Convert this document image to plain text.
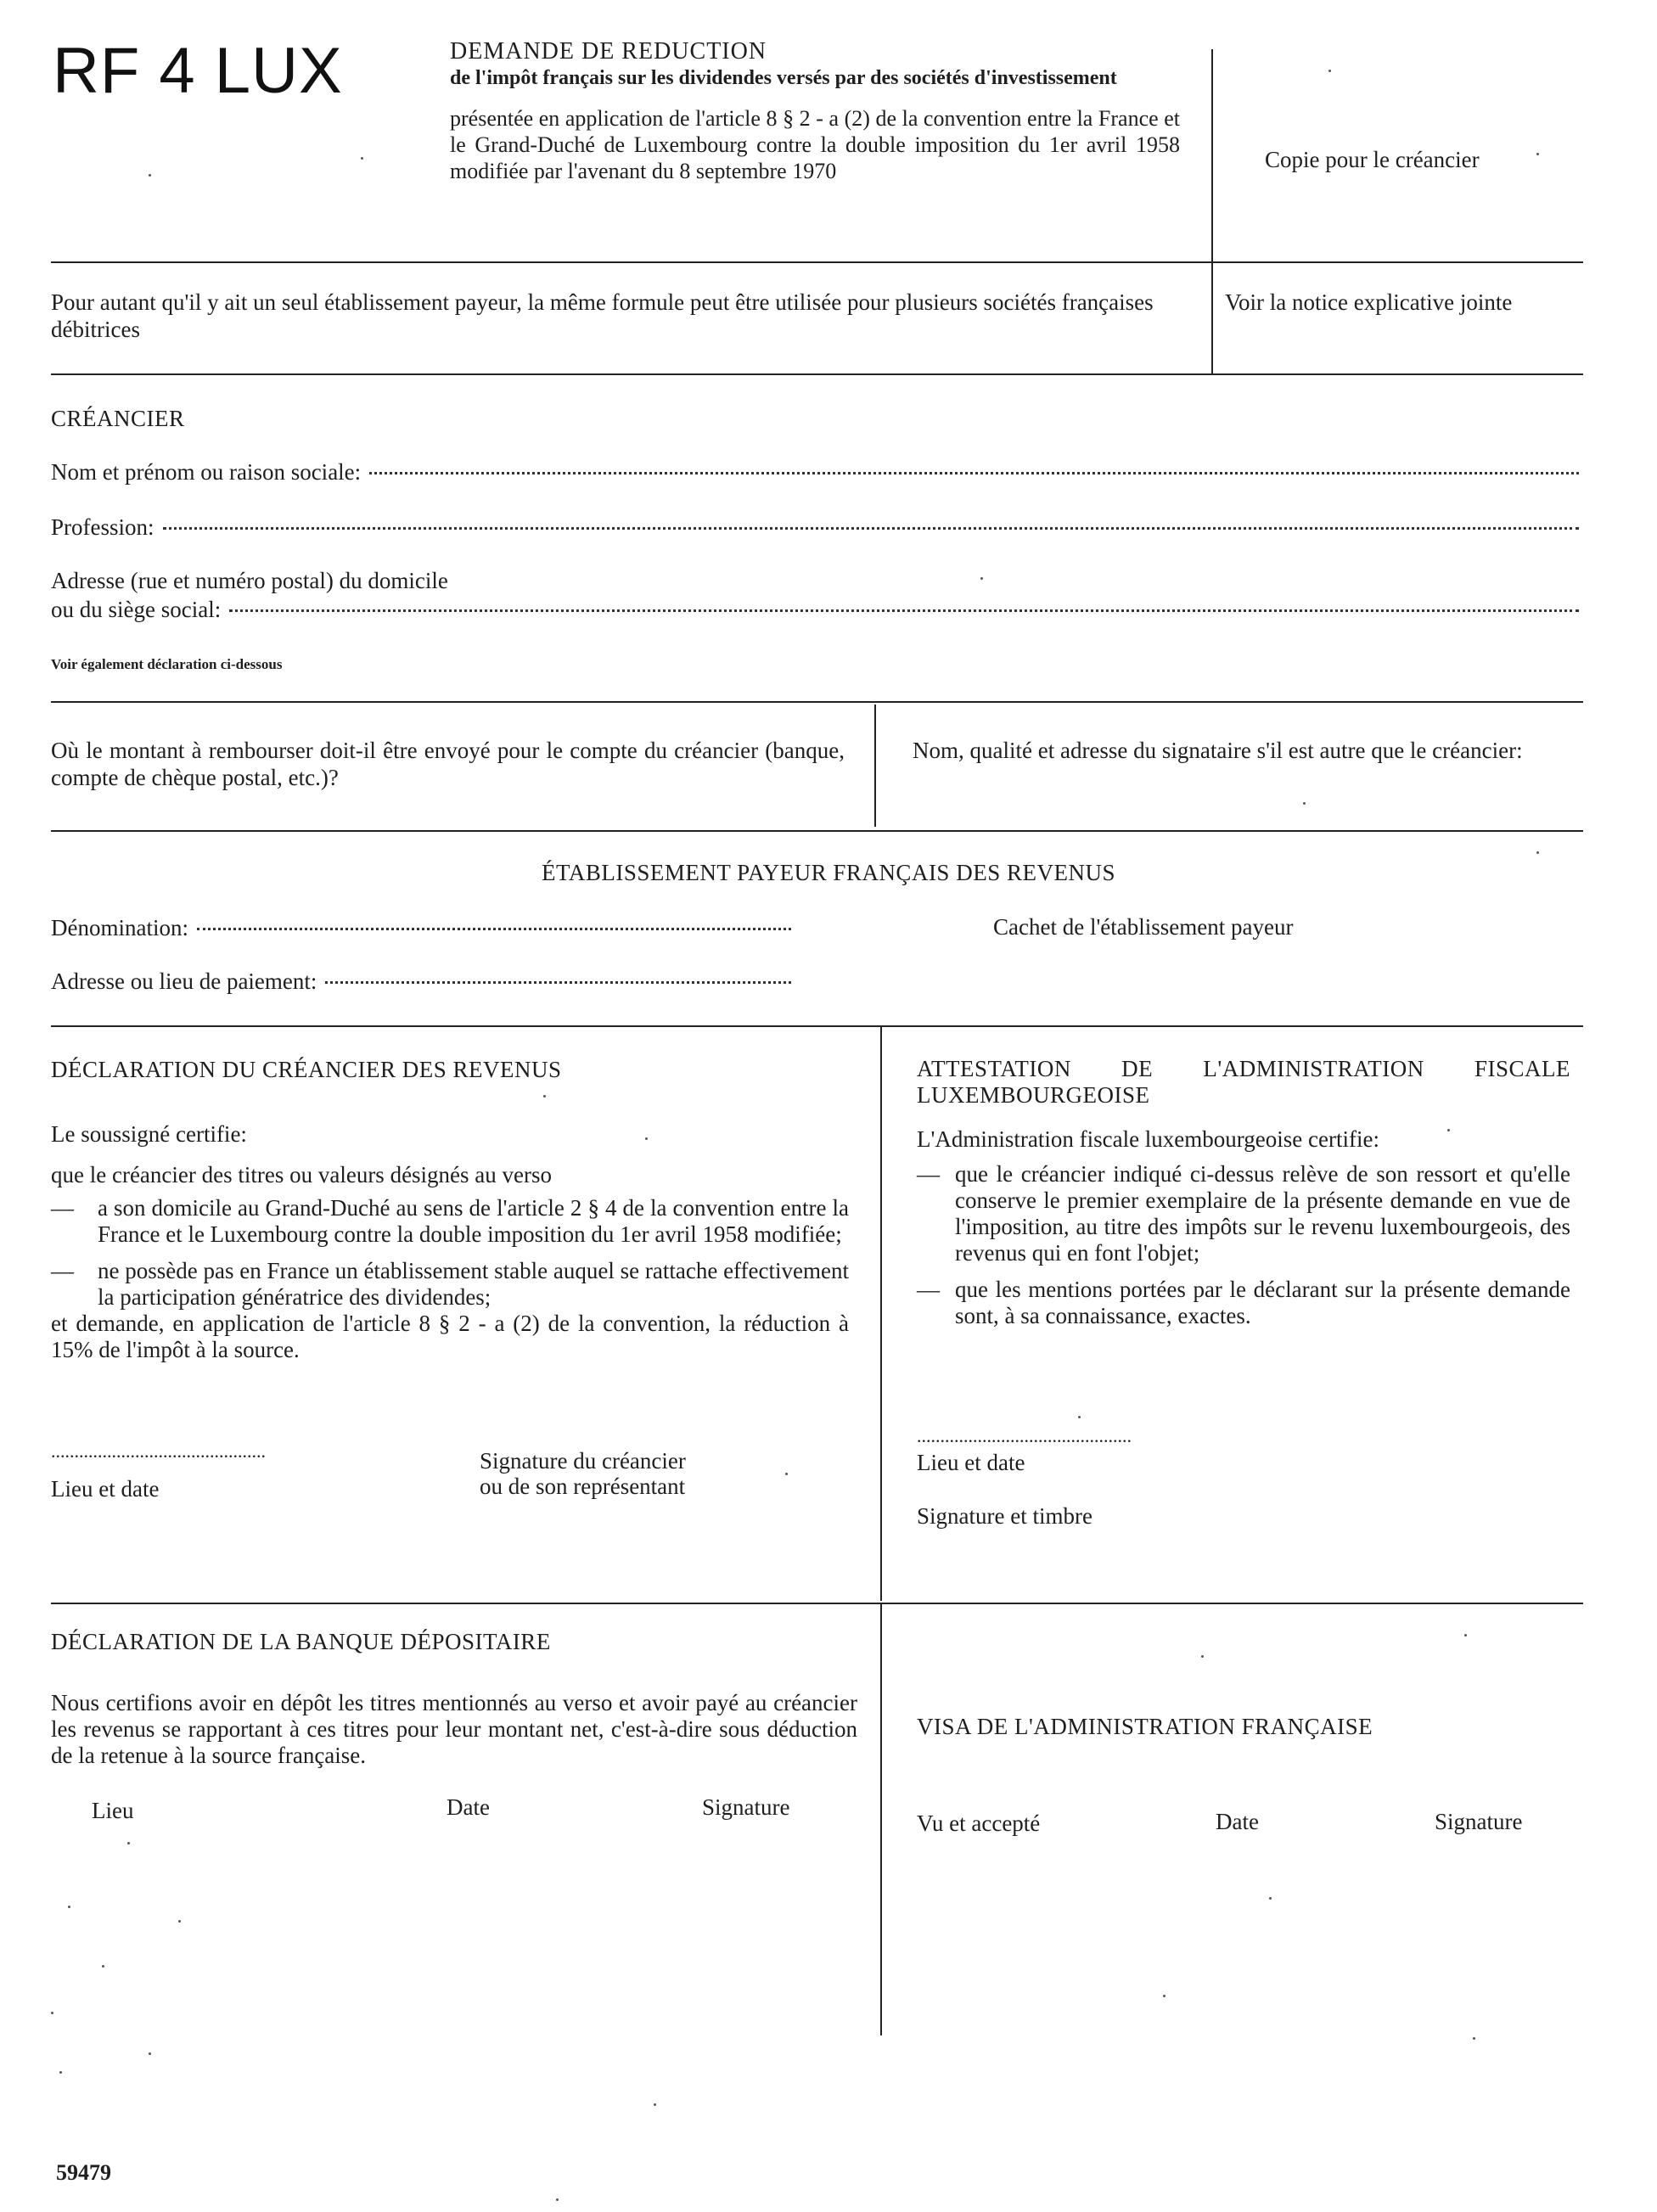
RF 4 LUX	DEMANDE DE REDUCTION
de l'impôt français sur les dividendes versés par des sociétés d'investissement
présentée en application de l'article 8 § 2 - a (2) de la convention entre la France et le Grand-Duché de Luxembourg contre la double imposition du 1er avril 1958 modifiée par l'avenant du 8 septembre 1970	Copie pour le créancier
Pour autant qu'il y ait un seul établissement payeur, la même formule peut être utilisée pour plusieurs sociétés françaises débitrices
Voir la notice explicative jointe
CRÉANCIER
Nom et prénom ou raison sociale:
Profession:
Adresse (rue et numéro postal) du domicile
ou du siège social:
Voir également déclaration ci-dessous
Où le montant à rembourser doit-il être envoyé pour le compte du créancier (banque, compte de chèque postal, etc.)?
Nom, qualité et adresse du signataire s'il est autre que le créancier:
ÉTABLISSEMENT PAYEUR FRANÇAIS DES REVENUS
Dénomination:	Cachet de l'établissement payeur
Adresse ou lieu de paiement:
DÉCLARATION DU CRÉANCIER DES REVENUS
Le soussigné certifie:
que le créancier des titres ou valeurs désignés au verso
— a son domicile au Grand-Duché au sens de l'article 2 § 4 de la convention entre la France et le Luxembourg contre la double imposition du 1er avril 1958 modifiée;
— ne possède pas en France un établissement stable auquel se rattache effectivement la participation génératrice des dividendes;
et demande, en application de l'article 8 § 2 - a (2) de la convention, la réduction à 15% de l'impôt à la source.
..............................................
Lieu et date
Signature du créancier
ou de son représentant
ATTESTATION DE L'ADMINISTRATION FISCALE LUXEMBOURGEOISE
L'Administration fiscale luxembourgeoise certifie:
— que le créancier indiqué ci-dessus relève de son ressort et qu'elle conserve le premier exemplaire de la présente demande en vue de l'imposition, au titre des impôts sur le revenu luxembourgeois, des revenus qui en font l'objet;
— que les mentions portées par le déclarant sur la présente demande sont, à sa connaissance, exactes.
..............................................
Lieu et date
Signature et timbre
DÉCLARATION DE LA BANQUE DÉPOSITAIRE
Nous certifions avoir en dépôt les titres mentionnés au verso et avoir payé au créancier les revenus se rapportant à ces titres pour leur montant net, c'est-à-dire sous déduction de la retenue à la source française.
Lieu	Date	Signature
VISA DE L'ADMINISTRATION FRANÇAISE
Vu et accepté	Date	Signature
59479
